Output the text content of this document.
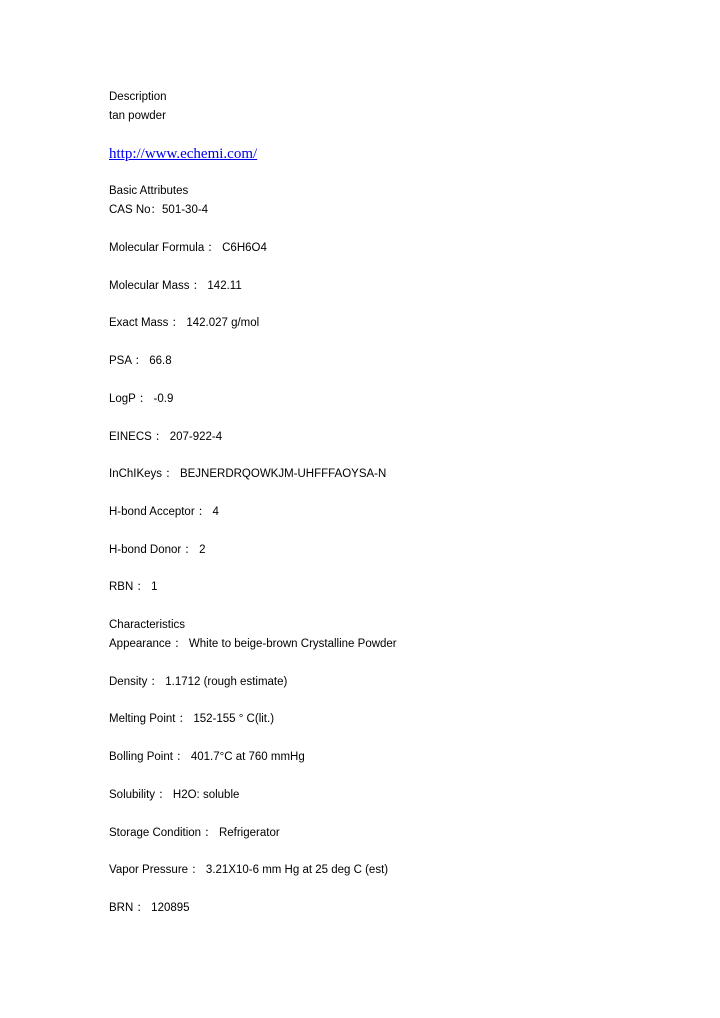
Description
tan powder
http://www.echemi.com/
Basic Attributes
CAS No：501-30-4
Molecular Formula ： C6H6O4
Molecular Mass ： 142.11
Exact Mass ： 142.027 g/mol
PSA ： 66.8
LogP ： -0.9
EINECS ： 207-922-4
InChIKeys ： BEJNERDRQOWKJM-UHFFFAOYSA-N
H-bond Acceptor ： 4
H-bond Donor ： 2
RBN ： 1
Characteristics
Appearance ： White to beige-brown Crystalline Powder
Density ： 1.1712 (rough estimate)
Melting Point ： 152-155 ° C(lit.)
Bolling Point ： 401.7°C at 760 mmHg
Solubility ： H2O: soluble
Storage Condition ： Refrigerator
Vapor Pressure ： 3.21X10-6 mm Hg at 25 deg C (est)
BRN ： 120895
